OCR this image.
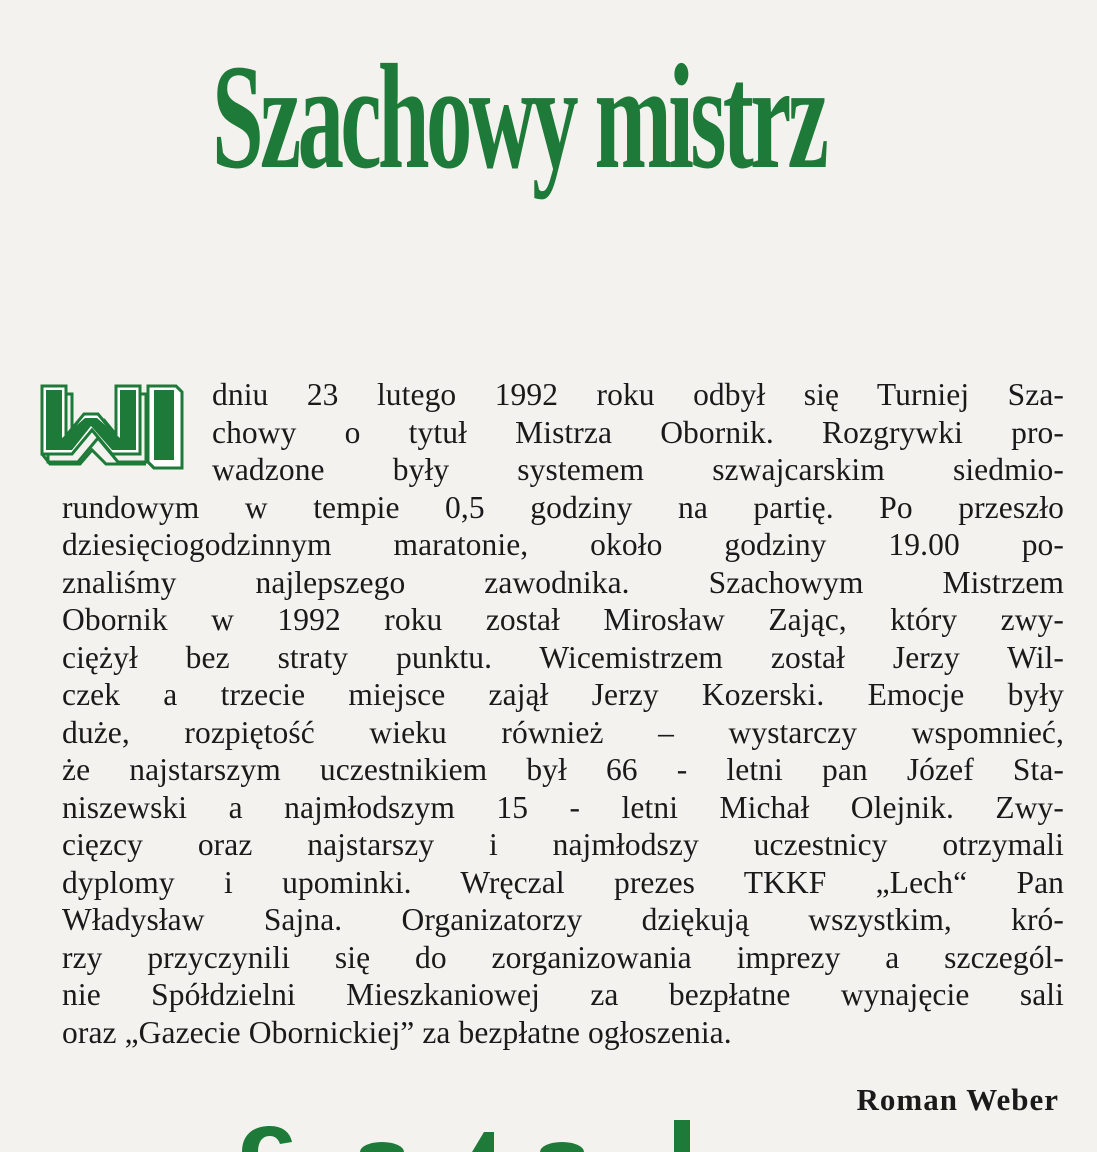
Szachowy mistrz
dniu 23 lutego 1992 roku odbył się Turniej Sza-
chowy o tytuł Mistrza Obornik. Rozgrywki pro-
wadzone były systemem szwajcarskim siedmio-
rundowym w tempie 0,5 godziny na partię. Po przeszło
dziesięciogodzinnym maratonie, około godziny 19.00 po-
znaliśmy najlepszego zawodnika. Szachowym Mistrzem
Obornik w 1992 roku został Mirosław Zając, który zwy-
ciężył bez straty punktu. Wicemistrzem został Jerzy Wil-
czek a trzecie miejsce zajął Jerzy Kozerski. Emocje były
duże, rozpiętość wieku również – wystarczy wspomnieć,
że najstarszym uczestnikiem był 66 - letni pan Józef Sta-
niszewski a najmłodszym 15 - letni Michał Olejnik. Zwy-
cięzcy oraz najstarszy i najmłodszy uczestnicy otrzymali
dyplomy i upominki. Wręczal prezes TKKF „Lech“ Pan
Władysław Sajna. Organizatorzy dziękują wszystkim, kró-
rzy przyczynili się do zorganizowania imprezy a szczegól-
nie Spółdzielni Mieszkaniowej za bezpłatne wynajęcie sali
oraz „Gazecie Obornickiej” za bezpłatne ogłoszenia.

Roman Weber
